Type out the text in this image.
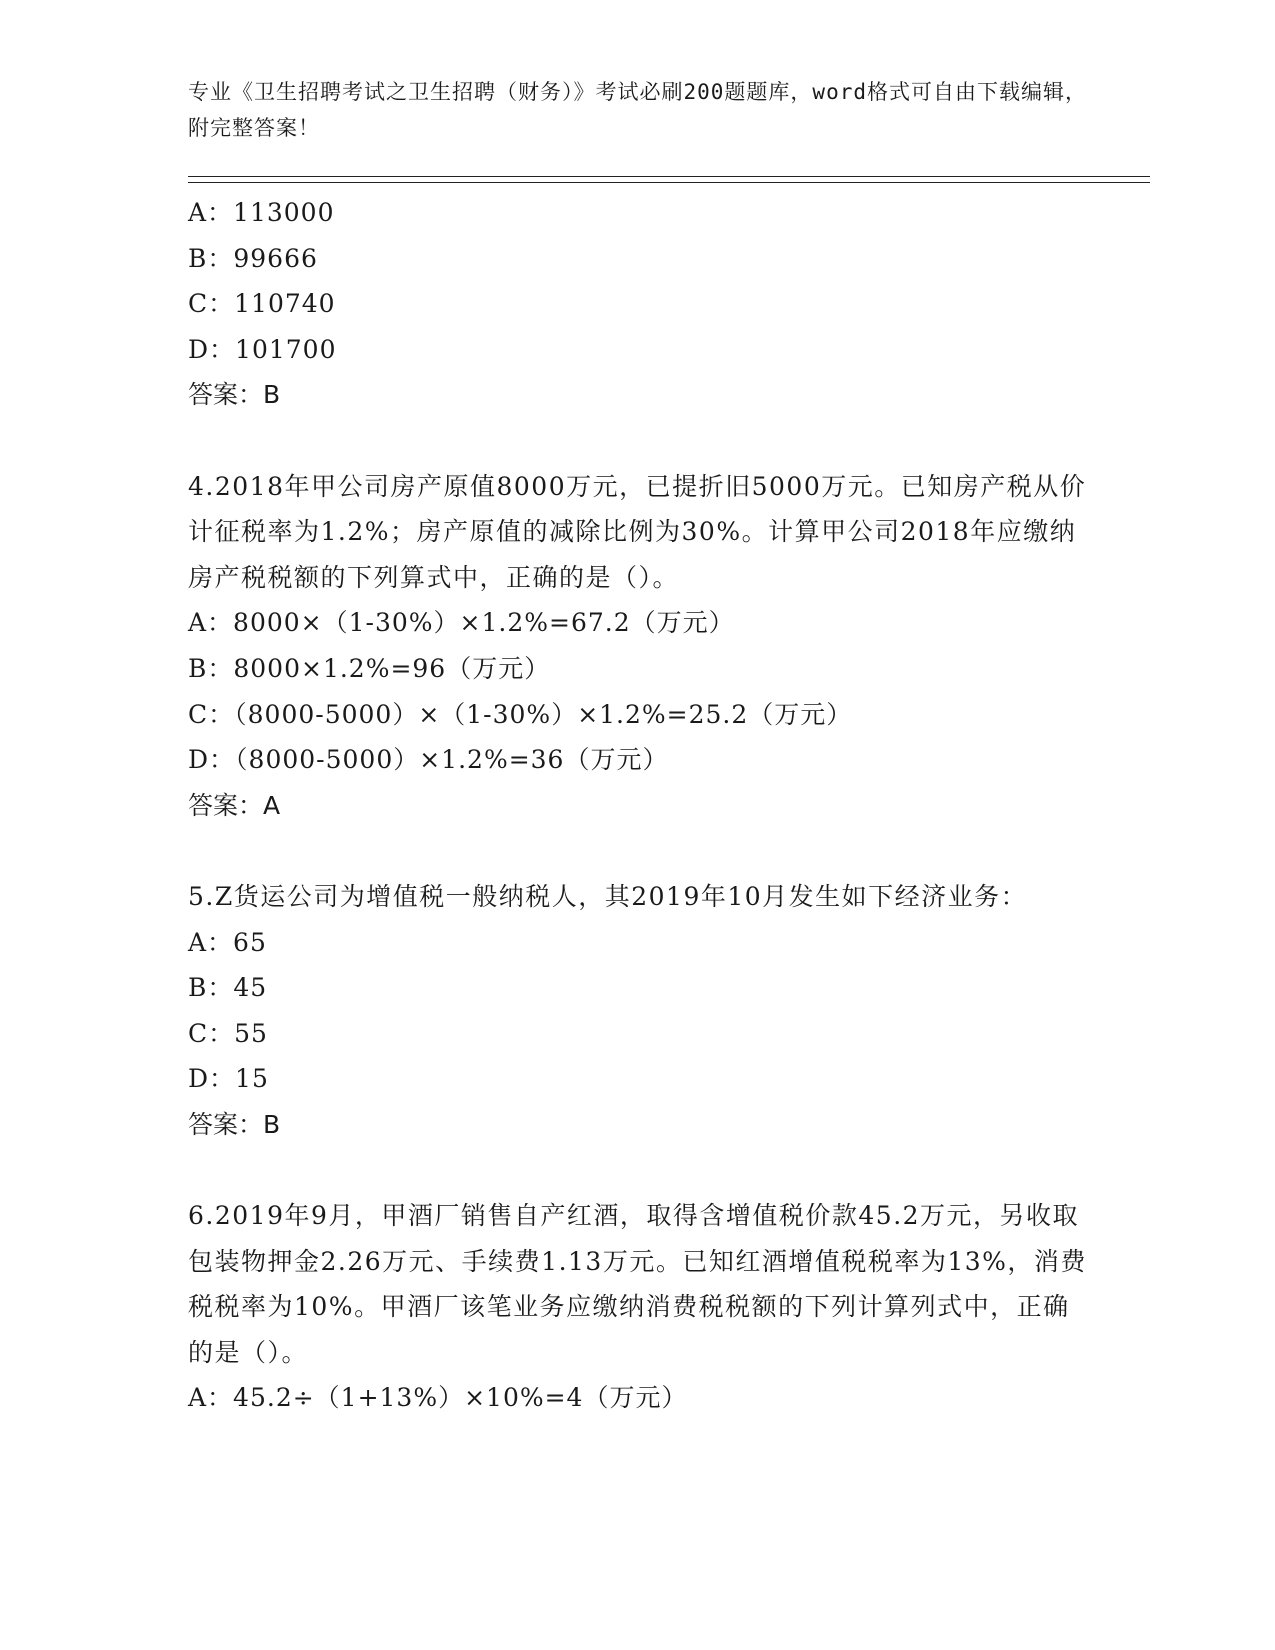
专业《卫生招聘考试之卫生招聘（财务）》考试必刷200题题库，word格式可自由下载编辑，附完整答案！
A：113000
B：99666
C：110740
D：101700
答案：B
4.2018年甲公司房产原值8000万元，已提折旧5000万元。已知房产税从价计征税率为1.2%；房产原值的减除比例为30%。计算甲公司2018年应缴纳房产税税额的下列算式中，正确的是（）。
A：8000×（1-30%）×1.2%=67.2（万元）
B：8000×1.2%=96（万元）
C：（8000-5000）×（1-30%）×1.2%=25.2（万元）
D：（8000-5000）×1.2%=36（万元）
答案：A
5.Z货运公司为增值税一般纳税人，其2019年10月发生如下经济业务：
A：65
B：45
C：55
D：15
答案：B
6.2019年9月，甲酒厂销售自产红酒，取得含增值税价款45.2万元，另收取包装物押金2.26万元、手续费1.13万元。已知红酒增值税税率为13%，消费税税率为10%。甲酒厂该笔业务应缴纳消费税税额的下列计算列式中，正确的是（）。
A：45.2÷（1+13%）×10%=4（万元）
